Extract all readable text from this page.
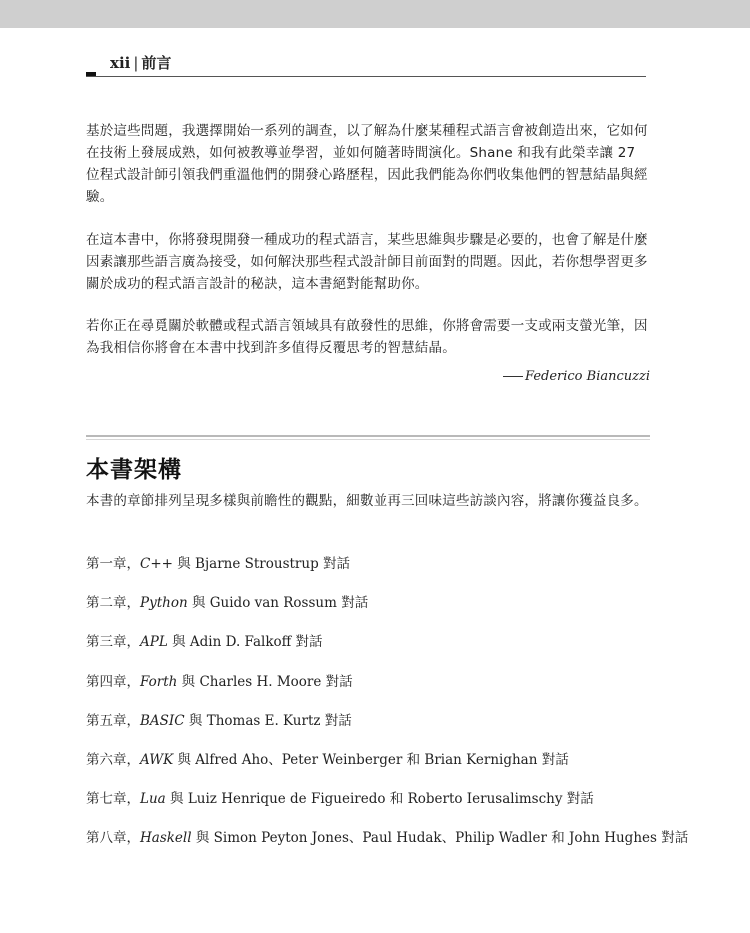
xii | 前言

基於這些問題，我選擇開始一系列的調查，以了解為什麼某種程式語言會被創造出來，它如何在技術上發展成熟，如何被教導並學習，並如何隨著時間演化。Shane 和我有此榮幸讓 27 位程式設計師引領我們重溫他們的開發心路歷程，因此我們能為你們收集他們的智慧結晶與經驗。

在這本書中，你將發現開發一種成功的程式語言，某些思維與步驟是必要的，也會了解是什麼因素讓那些語言廣為接受，如何解決那些程式設計師目前面對的問題。因此，若你想學習更多關於成功的程式語言設計的秘訣，這本書絕對能幫助你。

若你正在尋覓關於軟體或程式語言領域具有啟發性的思維，你將會需要一支或兩支螢光筆，因為我相信你將會在本書中找到許多值得反覆思考的智慧結晶。

Federico Biancuzzi
本書架構

本書的章節排列呈現多樣與前瞻性的觀點，細數並再三回味這些訪談內容，將讓你獲益良多。

第一章，C++ 與 Bjarne Stroustrup 對話
第二章，Python 與 Guido van Rossum 對話
第三章，APL 與 Adin D. Falkoff 對話
第四章，Forth 與 Charles H. Moore 對話
第五章，BASIC 與 Thomas E. Kurtz 對話
第六章，AWK 與 Alfred Aho、Peter Weinberger 和 Brian Kernighan 對話
第七章，Lua 與 Luiz Henrique de Figueiredo 和 Roberto Ierusalimschy 對話
第八章，Haskell 與 Simon Peyton Jones、Paul Hudak、Philip Wadler 和 John Hughes 對話
